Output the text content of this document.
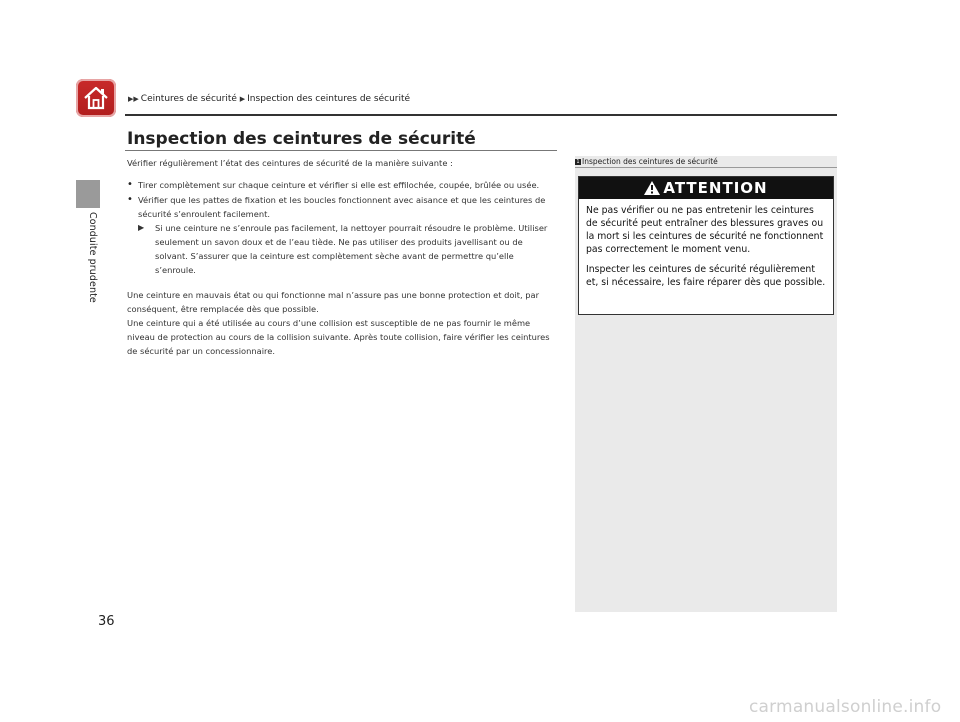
Conduite prudente
▶▶ Ceintures de sécurité ▶ Inspection des ceintures de sécurité
Inspection des ceintures de sécurité

Vérifier régulièrement l’état des ceintures de sécurité de la manière suivante :

• Tirer complètement sur chaque ceinture et vérifier si elle est effilochée, coupée, brûlée ou usée.

• Vérifier que les pattes de fixation et les boucles fonctionnent avec aisance et que les ceintures de sécurité s’enroulent facilement.

▶ Si une ceinture ne s’enroule pas facilement, la nettoyer pourrait résoudre le problème. Utiliser seulement un savon doux et de l’eau tiède. Ne pas utiliser des produits javellisant ou de solvant. S’assurer que la ceinture est complètement sèche avant de permettre qu’elle s’enroule.

Une ceinture en mauvais état ou qui fonctionne mal n’assure pas une bonne protection et doit, par conséquent, être remplacée dès que possible.

Une ceinture qui a été utilisée au cours d’une collision est susceptible de ne pas fournir le même niveau de protection au cours de la collision suivante. Après toute collision, faire vérifier les ceintures de sécurité par un concessionnaire.

1 Inspection des ceintures de sécurité
ATTENTION

Ne pas vérifier ou ne pas entretenir les ceintures de sécurité peut entraîner des blessures graves ou la mort si les ceintures de sécurité ne fonctionnent pas correctement le moment venu.

Inspecter les ceintures de sécurité régulièrement et, si nécessaire, les faire réparer dès que possible.

36

carmanualsonline.info
